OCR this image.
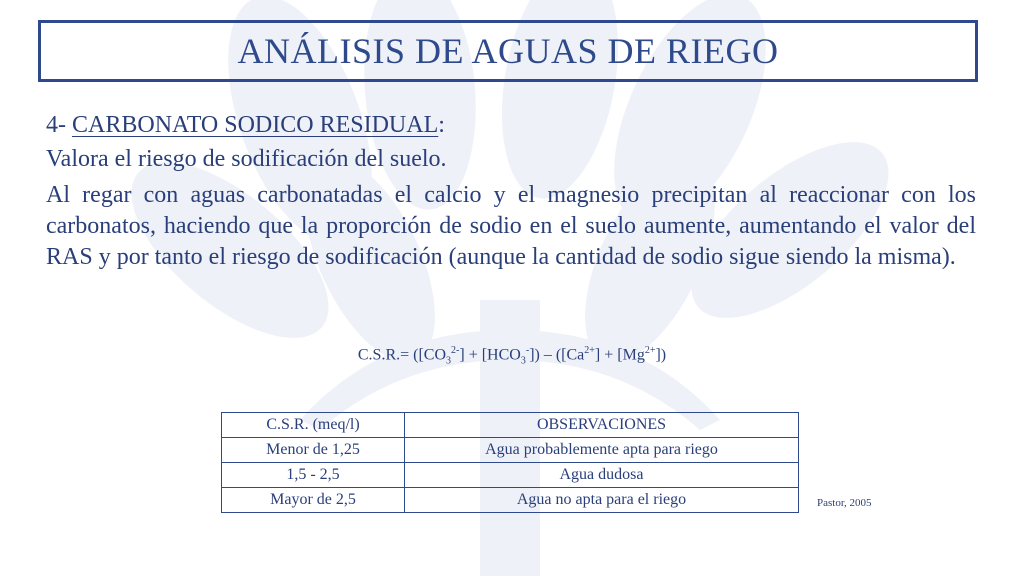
ANÁLISIS DE AGUAS DE RIEGO

4- CARBONATO SODICO RESIDUAL:

Valora el riesgo de sodificación del suelo.

Al regar con aguas carbonatadas el calcio y el magnesio precipitan al reaccionar con los carbonatos, haciendo que la proporción de sodio en el suelo aumente, aumentando el valor del RAS y por tanto el riesgo de sodificación (aunque la cantidad de sodio sigue siendo la misma).

$C.S.R.= ([CO_3^{2-}] + [HCO_3^-]) - ([Ca^{2+}] + [Mg^{2+}])$
C.S.R. (meq/l)	OBSERVACIONES
Menor de 1,25	Agua probablemente apta para riego
1,5 - 2,5	Agua dudosa
Mayor de 2,5	Agua no apta para el riego	Pastor, 2005
